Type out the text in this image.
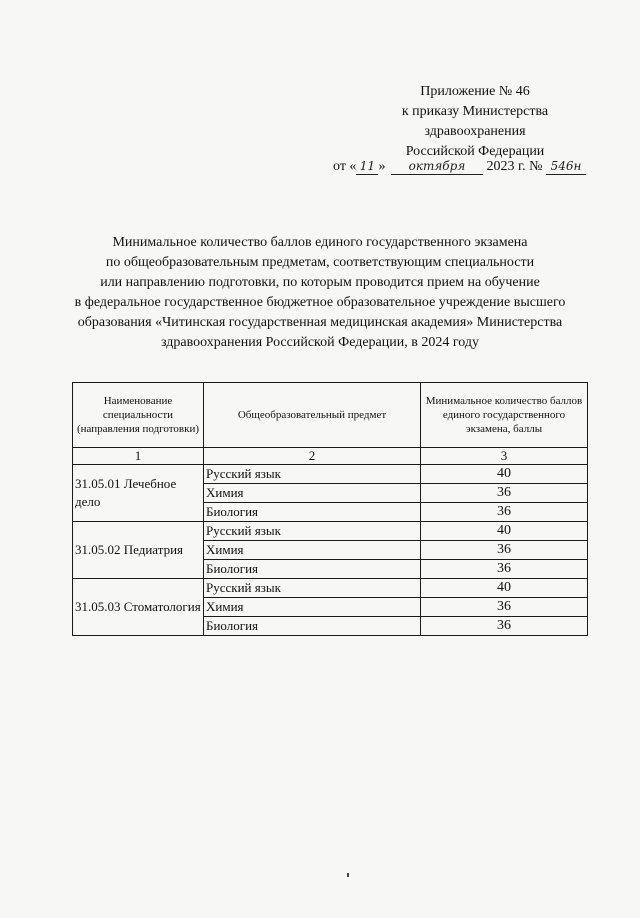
Приложение № 46
к приказу Министерства
здравоохранения
Российской Федерации
от « 11 » октября 2023 г. № 546н
Минимальное количество баллов единого государственного экзамена
по общеобразовательным предметам, соответствующим специальности
или направлению подготовки, по которым проводится прием на обучение
в федеральное государственное бюджетное образовательное учреждение высшего
образования «Читинская государственная медицинская академия» Министерства
здравоохранения Российской Федерации, в 2024 году
Наименование специальности (направления подготовки)	Общеобразовательный предмет	Минимальное количество баллов единого государственного экзамена, баллы
1	2	3
31.05.01 Лечебное дело	Русский язык	40
	Химия	36
	Биология	36
31.05.02 Педиатрия	Русский язык	40
	Химия	36
	Биология	36
31.05.03 Стоматология	Русский язык	40
	Химия	36
	Биология	36
